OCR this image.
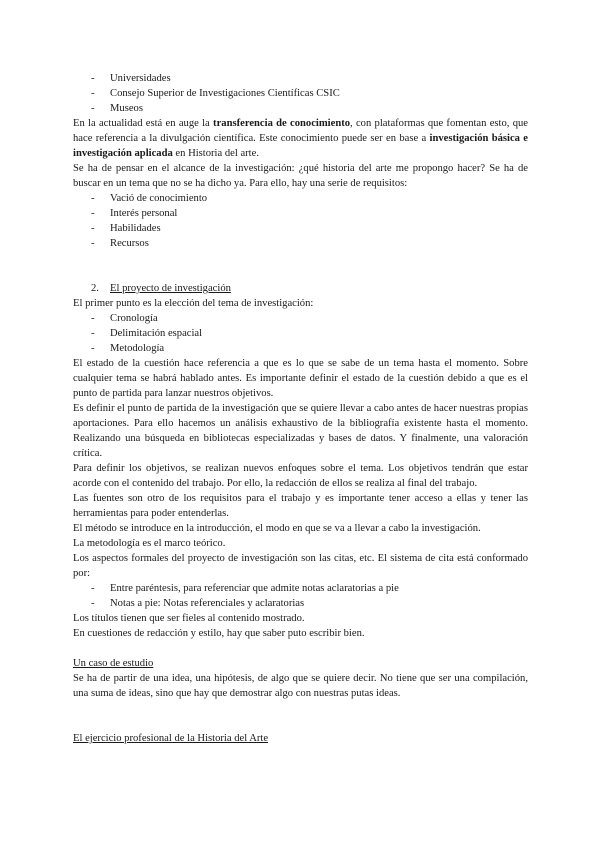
- Universidades
- Consejo Superior de Investigaciones Científicas CSIC
- Museos

En la actualidad está en auge la transferencia de conocimiento, con plataformas que fomentan esto, que hace referencia a la divulgación científica. Este conocimiento puede ser en base a investigación básica e investigación aplicada en Historia del arte.

Se ha de pensar en el alcance de la investigación: ¿qué historia del arte me propongo hacer? Se ha de buscar en un tema que no se ha dicho ya. Para ello, hay una serie de requisitos:

- Vació de conocimiento
- Interés personal
- Habilidades
- Recursos

2. El proyecto de investigación

El primer punto es la elección del tema de investigación:

- Cronología
- Delimitación espacial
- Metodología

El estado de la cuestión hace referencia a que es lo que se sabe de un tema hasta el momento. Sobre cualquier tema se habrá hablado antes. Es importante definir el estado de la cuestión debido a que es el punto de partida para lanzar nuestros objetivos.

Es definir el punto de partida de la investigación que se quiere llevar a cabo antes de hacer nuestras propias aportaciones. Para ello hacemos un análisis exhaustivo de la bibliografía existente hasta el momento. Realizando una búsqueda en bibliotecas especializadas y bases de datos. Y finalmente, una valoración crítica.

Para definir los objetivos, se realizan nuevos enfoques sobre el tema. Los objetivos tendrán que estar acorde con el contenido del trabajo. Por ello, la redacción de ellos se realiza al final del trabajo.

Las fuentes son otro de los requisitos para el trabajo y es importante tener acceso a ellas y tener las herramientas para poder entenderlas.

El método se introduce en la introducción, el modo en que se va a llevar a cabo la investigación.

La metodología es el marco teórico.

Los aspectos formales del proyecto de investigación son las citas, etc. El sistema de cita está conformado por:

- Entre paréntesis, para referenciar que admite notas aclaratorias a pie
- Notas a pie: Notas referenciales y aclaratorias

Los títulos tienen que ser fieles al contenido mostrado.

En cuestiones de redacción y estilo, hay que saber puto escribir bien.

Un caso de estudio

Se ha de partir de una idea, una hipótesis, de algo que se quiere decir. No tiene que ser una compilación, una suma de ideas, sino que hay que demostrar algo con nuestras putas ideas.

El ejercicio profesional de la Historia del Arte
